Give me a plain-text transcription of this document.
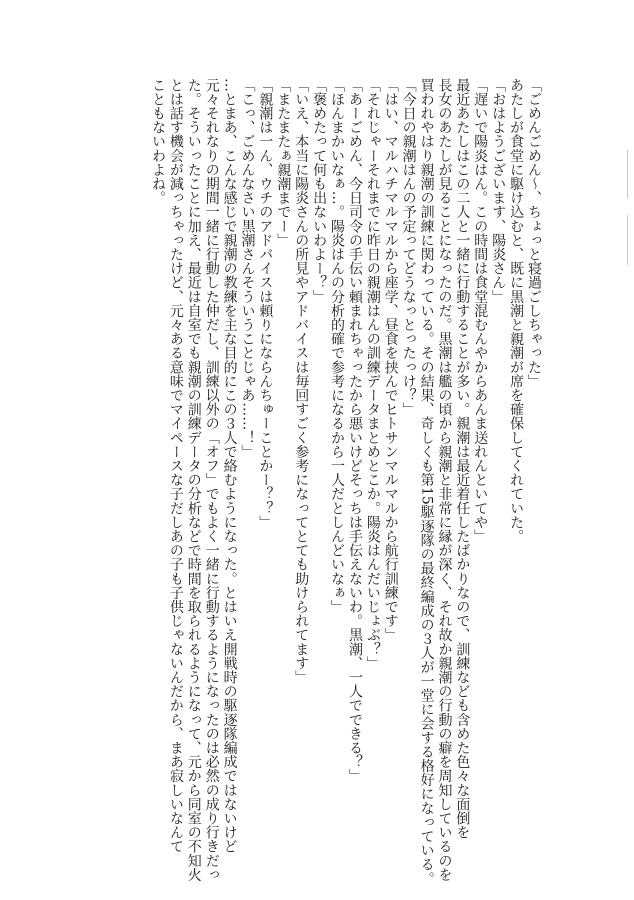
「ごめんごめん～、ちょっと寝過ごしちゃった」
あたしが食堂に駆け込むと、既に黒潮と親潮が席を確保してくれていた。
「おはようございます、陽炎さん」
「遅いで陽炎はん。この時間は食堂混むんやからあんま送れんといてや」
最近あたしはこの二人と一緒に行動することが多い。親潮は最近着任したばかりなので、訓練なども含めた色々な面倒を
長女のあたしが見ることになったのだ。黒潮は艦の頃から親潮と非常に縁が深く、それ故か親潮の行動の癖を周知しているのを
買われやはり親潮の訓練に関わっている。その結果、奇しくも第15駆逐隊の最終編成の３人が一堂に会する格好になっている。
「今日の親潮はんの予定ってどうなっとったっけ？」
「はい、マルハチマルマルから座学、昼食を挟んでヒトサンマルマルから航行訓練です」
「それじゃーそれまでに昨日の親潮はんの訓練データまとめとこか。陽炎はんだいじょぶ？」
「あーごめん、今日司令の手伝い頼まれちゃったから悪いけどそっちは手伝えないわ。黒潮、一人でできる？」
「ほんまかいなぁ…。陽炎はんの分析的確で参考になるから一人だとしんどいなぁ」
「褒めたって何も出ないわよー？」
「いえ、本当に陽炎さんの所見やアドバイスは毎回すごく参考になってとても助けられてます」
「またまたぁ親潮までー」
「親潮は一ん、ウチのアドバイスは頼りにならんちゅーことかー？？」
「こっ、ごめんなさい黒潮さんそういうことじゃあ……！」
…とまあ、こんな感じで親潮の教練を主な目的にこの３人で絡むようになった。とはいえ開戦時の駆逐隊編成ではないけど
元々それなりの期間一緒に行動した仲だし、訓練以外の「オフ」でもよく一緒に行動するようになったのは必然の成り行きだっ
た。そういったことに加え、最近は自室でも親潮の訓練データの分析などで時間を取られるようになって、元から同室の不知火
とは話す機会が減っちゃったけど、元々ある意味でマイペースな子だしあの子も子供じゃないんだから、まあ寂しいなんて
こともないわよね。
